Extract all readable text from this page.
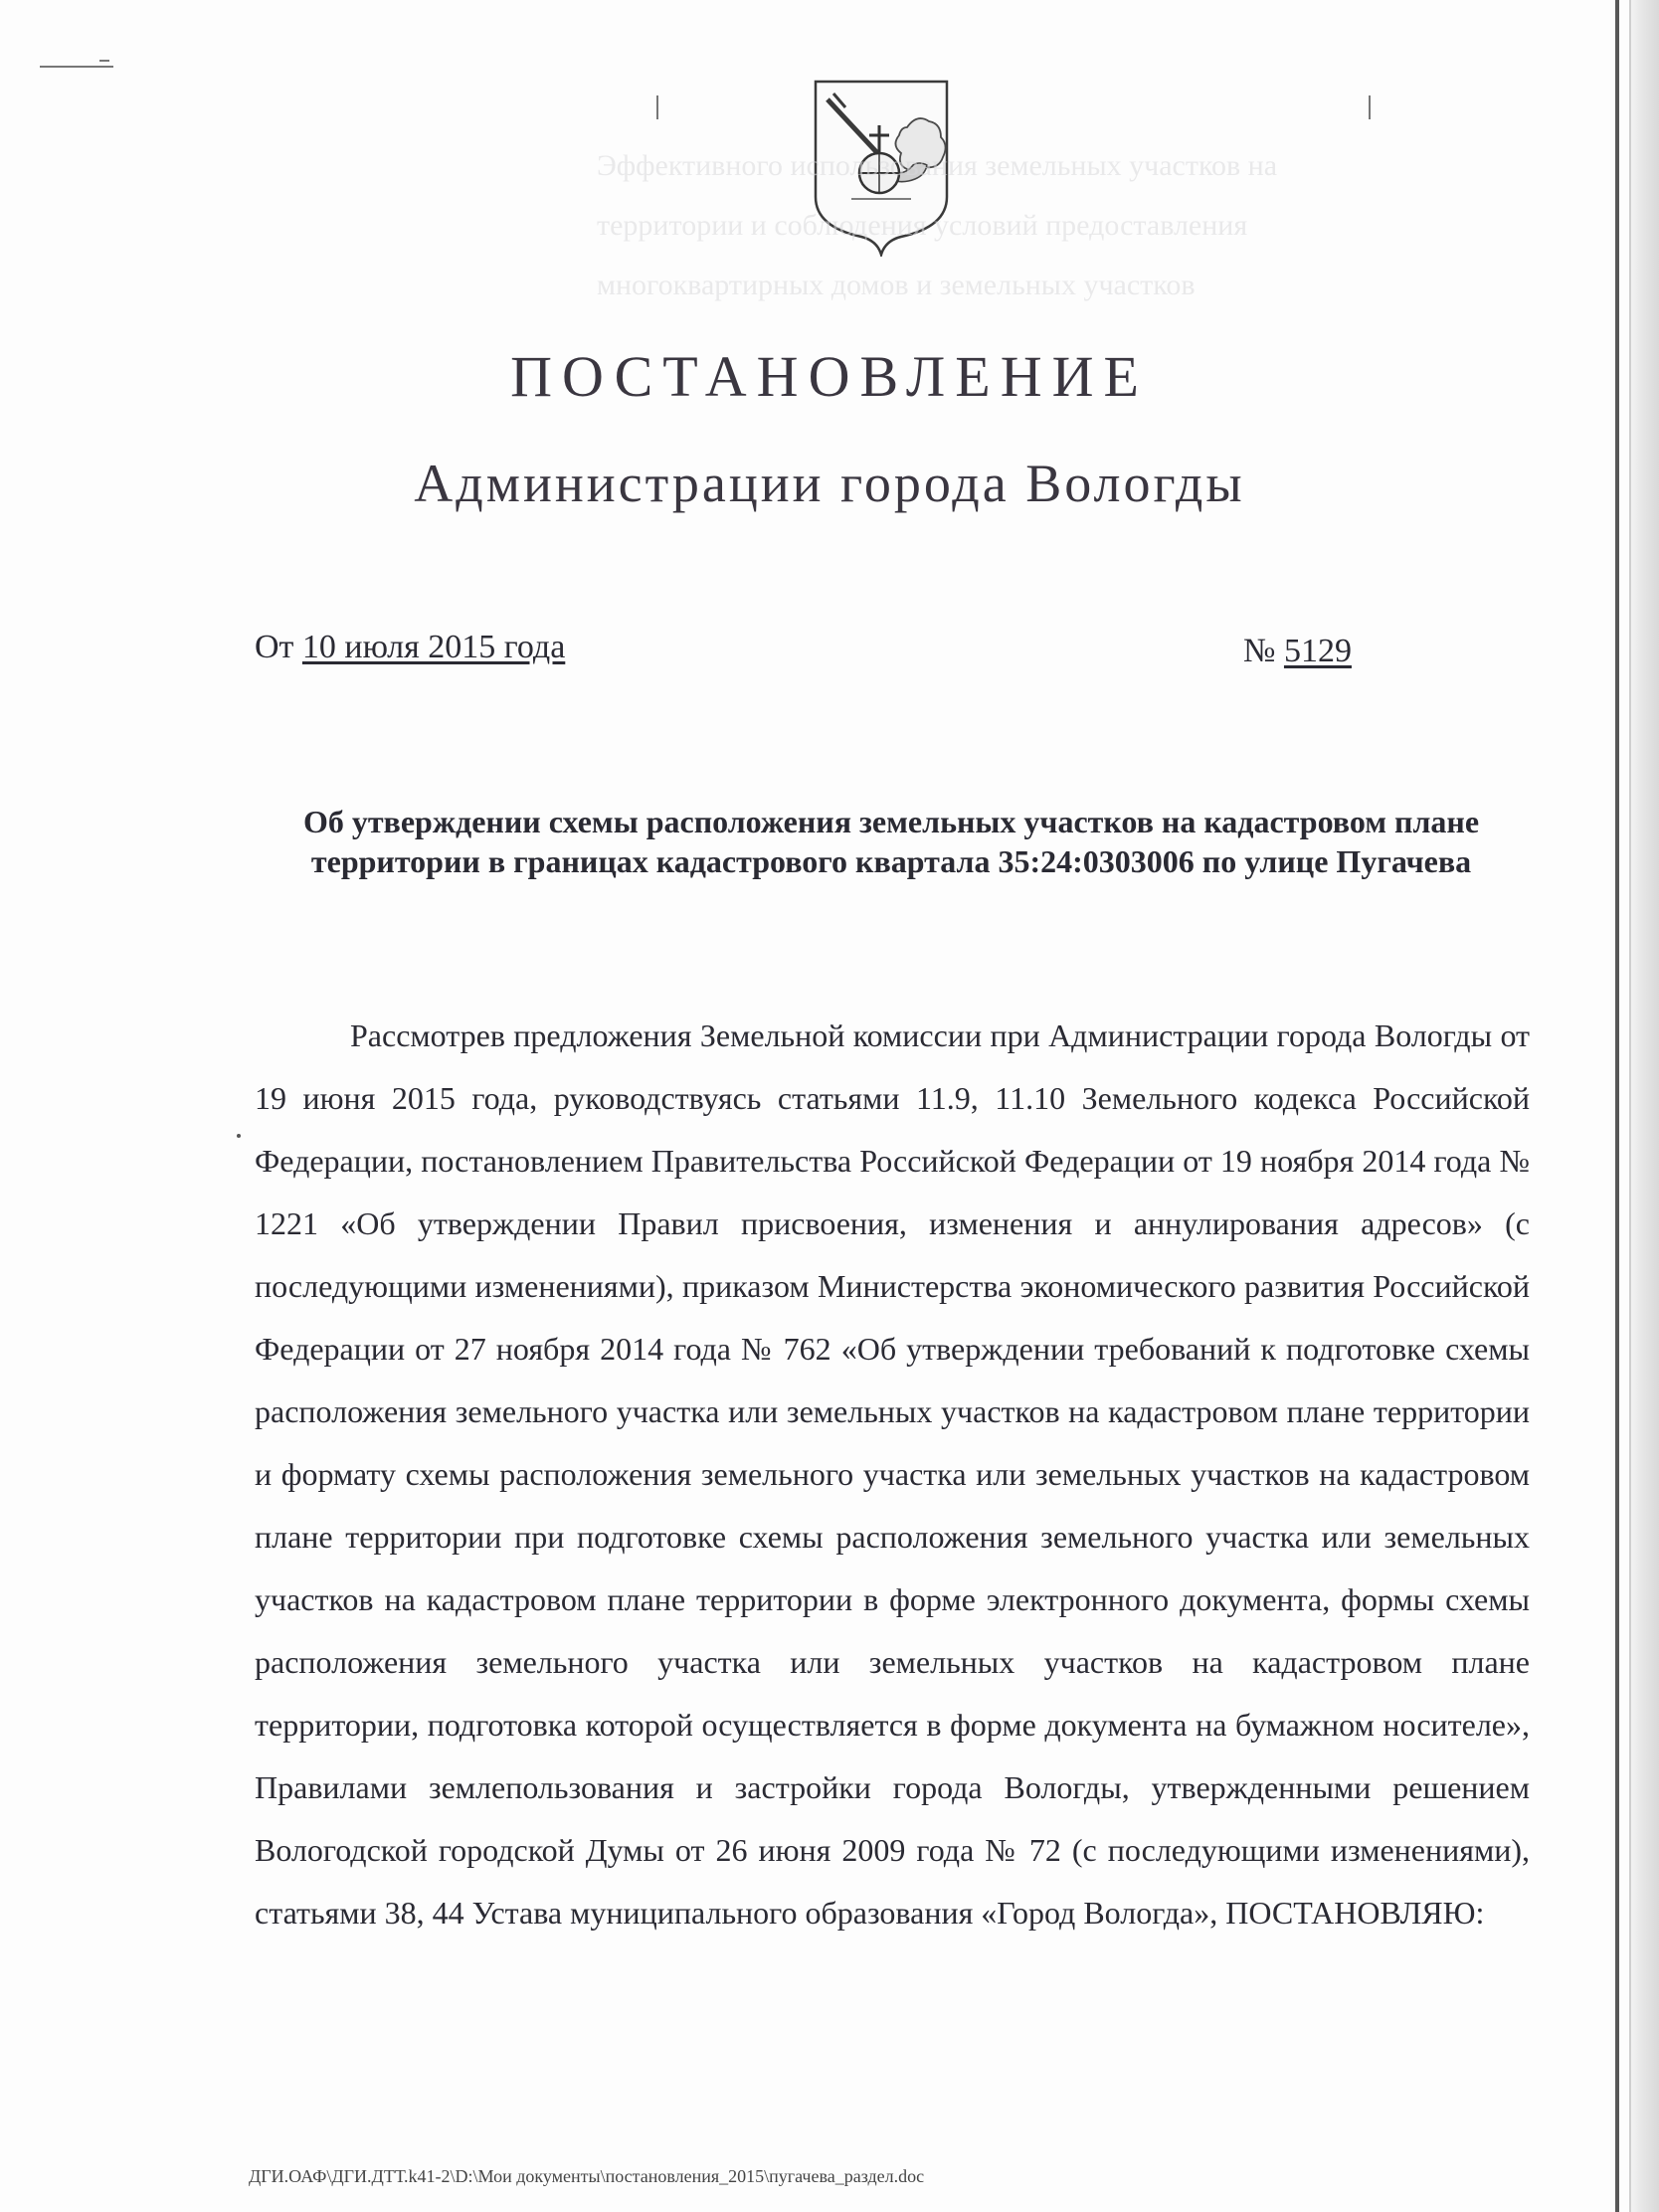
Эффективного использования земельных участков на
территории и соблюдения условий предоставления
многоквартирных домов и земельных участков
ПОСТАНОВЛЕНИЕ
Администрации города Вологды
От 10 июля 2015 года	№ 5129
Об утверждении схемы расположения земельных участков на кадастровом плане территории в границах кадастрового квартала 35:24:0303006 по улице Пугачева

Рассмотрев предложения Земельной комиссии при Администрации города Вологды от 19 июня 2015 года, руководствуясь статьями 11.9, 11.10 Земельного кодекса Российской Федерации, постановлением Правительства Российской Федерации от 19 ноября 2014 года № 1221 «Об утверждении Правил присвоения, изменения и аннулирования адресов» (с последующими изменениями), приказом Министерства экономического развития Российской Федерации от 27 ноября 2014 года № 762 «Об утверждении требований к подготовке схемы расположения земельного участка или земельных участков на кадастровом плане территории и формату схемы расположения земельного участка или земельных участков на кадастровом плане территории при подготовке схемы расположения земельного участка или земельных участков на кадастровом плане территории в форме электронного документа, формы схемы расположения земельного участка или земельных участков на кадастровом плане территории, подготовка которой осуществляется в форме документа на бумажном носителе», Правилами землепользования и застройки города Вологды, утвержденными решением Вологодской городской Думы от 26 июня 2009 года № 72 (с последующими изменениями), статьями 38, 44 Устава муниципального образования «Город Вологда», ПОСТАНОВЛЯЮ:

ДГИ.ОАФ\ДГИ.ДТТ.k41-2\D:\Мои документы\постановления_2015\пугачева_раздел.doc
